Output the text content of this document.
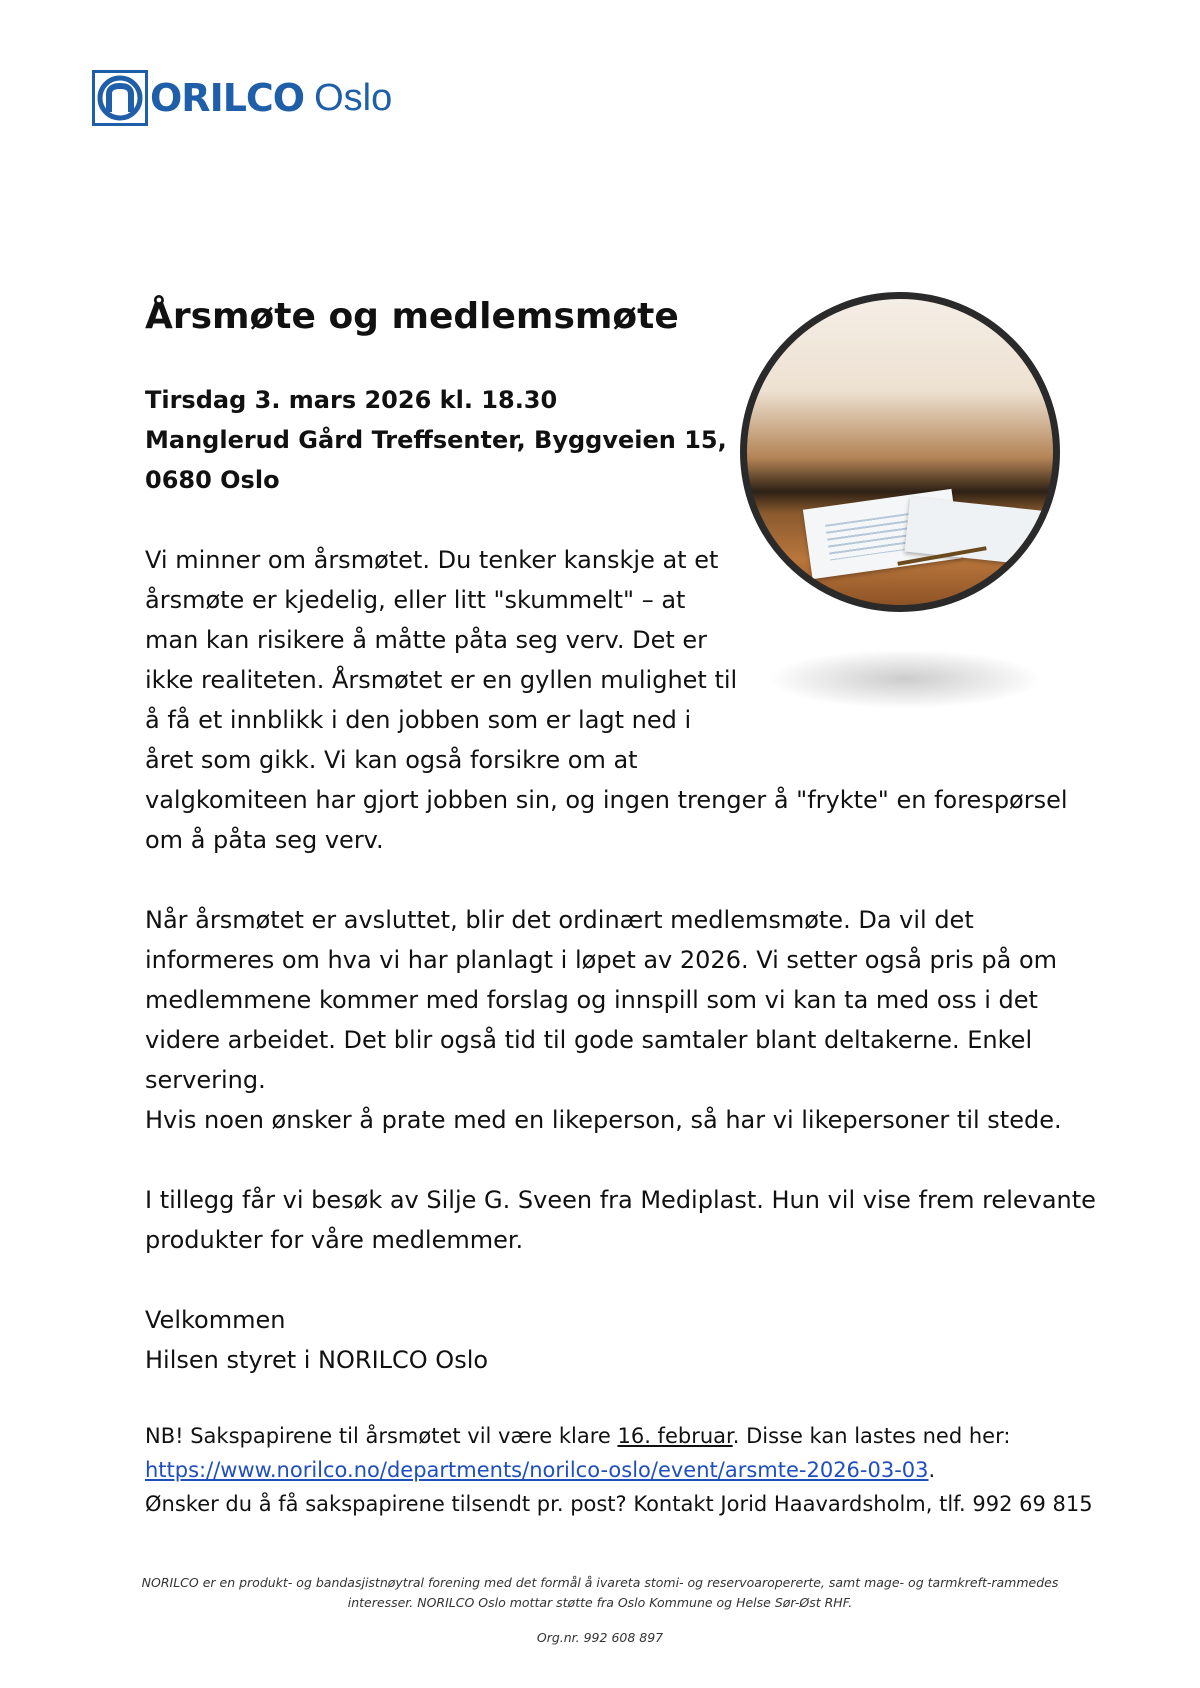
ORILCO Oslo
Årsmøte og medlemsmøte
Tirsdag 3. mars 2026 kl. 18.30
Manglerud Gård Treffsenter, Byggveien 15,
0680 Oslo
Vi minner om årsmøtet. Du tenker kanskje at et
årsmøte er kjedelig, eller litt "skummelt" – at
man kan risikere å måtte påta seg verv. Det er
ikke realiteten. Årsmøtet er en gyllen mulighet til
å få et innblikk i den jobben som er lagt ned i
året som gikk. Vi kan også forsikre om at
valgkomiteen har gjort jobben sin, og ingen trenger å "frykte" en forespørsel
om å påta seg verv.
Når årsmøtet er avsluttet, blir det ordinært medlemsmøte. Da vil det
informeres om hva vi har planlagt i løpet av 2026. Vi setter også pris på om
medlemmene kommer med forslag og innspill som vi kan ta med oss i det
videre arbeidet. Det blir også tid til gode samtaler blant deltakerne. Enkel
servering.
Hvis noen ønsker å prate med en likeperson, så har vi likepersoner til stede.
I tillegg får vi besøk av Silje G. Sveen fra Mediplast. Hun vil vise frem relevante
produkter for våre medlemmer.
Velkommen
Hilsen styret i NORILCO Oslo
NB! Sakspapirene til årsmøtet vil være klare 16. februar. Disse kan lastes ned her:
https://www.norilco.no/departments/norilco-oslo/event/arsmte-2026-03-03.
Ønsker du å få sakspapirene tilsendt pr. post? Kontakt Jorid Haavardsholm, tlf. 992 69 815
NORILCO er en produkt- og bandasjistnøytral forening med det formål å ivareta stomi- og reservoaropererte, samt mage- og tarmkreft-rammedes
interesser. NORILCO Oslo mottar støtte fra Oslo Kommune og Helse Sør-Øst RHF.
Org.nr. 992 608 897
